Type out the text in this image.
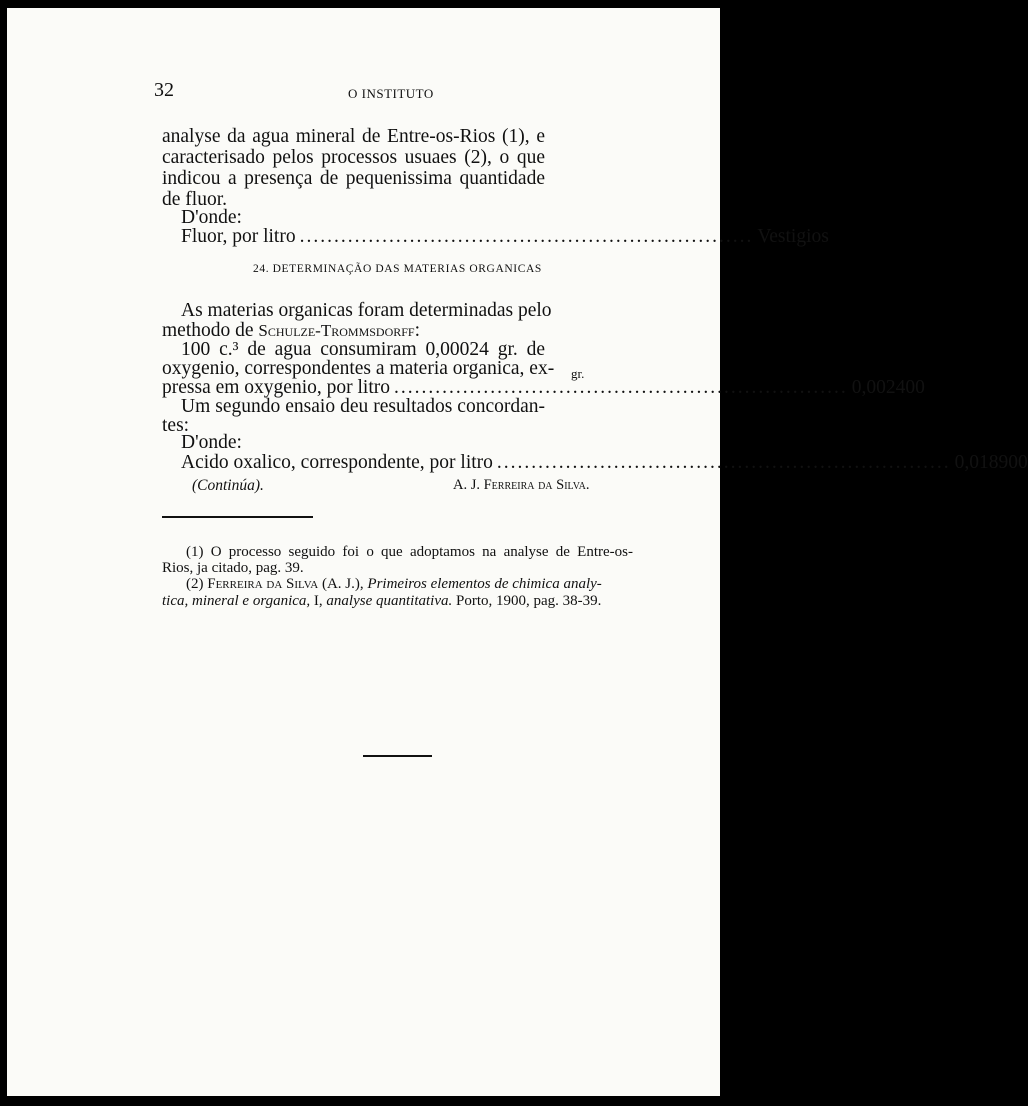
32	O INSTITUTO
analyse da agua mineral de Entre-os-Rios (1), e
caracterisado pelos processos usuaes (2), o que
indicou a presença de pequenissima quantidade
de fluor.
D'onde:
Fluor, por litro .................................................................. Vestigios
24. DETERMINAÇÃO DAS MATERIAS ORGANICAS
As materias organicas foram determinadas pelo
methodo de Schulze-Trommsdorff:
100 c.³ de agua consumiram 0,00024 gr. de
oxygenio, correspondentes a materia organica, ex- gr.
pressa em oxygenio, por litro .................................................................. 0,002400
Um segundo ensaio deu resultados concordan-
tes:
D'onde:
Acido oxalico, correspondente, por litro .................................................................. 0,018900
(Continúa).	A. J. Ferreira da Silva.
(1) O processo seguido foi o que adoptamos na analyse de Entre-os-
Rios, ja citado, pag. 39.
(2) Ferreira da Silva (A. J.), Primeiros elementos de chimica analy-
tica, mineral e organica, I, analyse quantitativa. Porto, 1900, pag. 38-39.
